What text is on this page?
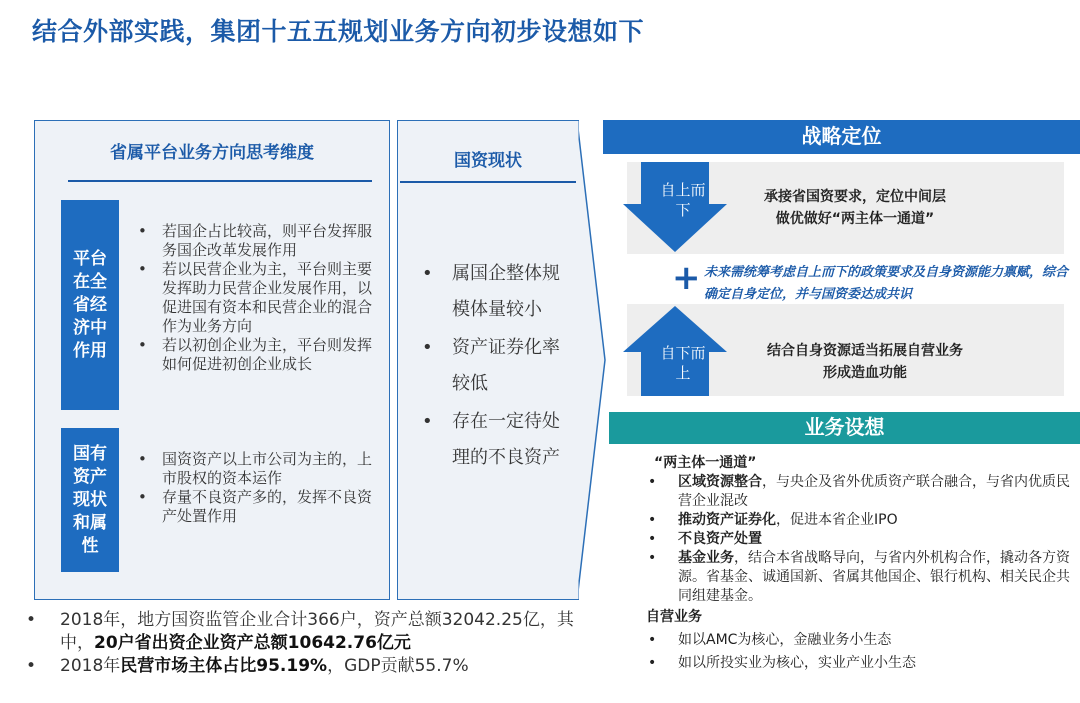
结合外部实践，集团十五五规划业务方向初步设想如下
省属平台业务方向思考维度
平台在全省经济中作用
• 若国企占比较高，则平台发挥服务国企改革发展作用
• 若以民营企业为主，平台则主要发挥助力民营企业发展作用，以促进国有资本和民营企业的混合作为业务方向
• 若以初创企业为主，平台则发挥如何促进初创企业成长
国有资产现状和属性
• 国资资产以上市公司为主的，上市股权的资本运作
• 存量不良资产多的，发挥不良资产处置作用
国资现状
• 属国企整体规模体量较小
• 资产证券化率较低
• 存在一定待处理的不良资产
战略定位
自上而下
承接省国资要求，定位中间层
做优做好“两主体一通道”
+ 未来需统筹考虑自上而下的政策要求及自身资源能力禀赋，综合确定自身定位，并与国资委达成共识
自下而上
结合自身资源适当拓展自营业务
形成造血功能
业务设想
“两主体一通道”
• 区域资源整合，与央企及省外优质资产联合融合，与省内优质民营企业混改
• 推动资产证券化，促进本省企业IPO
• 不良资产处置
• 基金业务，结合本省战略导向，与省内外机构合作，撬动各方资源。省基金、诚通国新、省属其他国企、银行机构、相关民企共同组建基金。
自营业务
• 如以AMC为核心，金融业务小生态
• 如以所投实业为核心，实业产业小生态
• 2018年，地方国资监管企业合计366户，资产总额32042.25亿，其中，20户省出资企业资产总额10642.76亿元
• 2018年民营市场主体占比95.19%，GDP贡献55.7%
